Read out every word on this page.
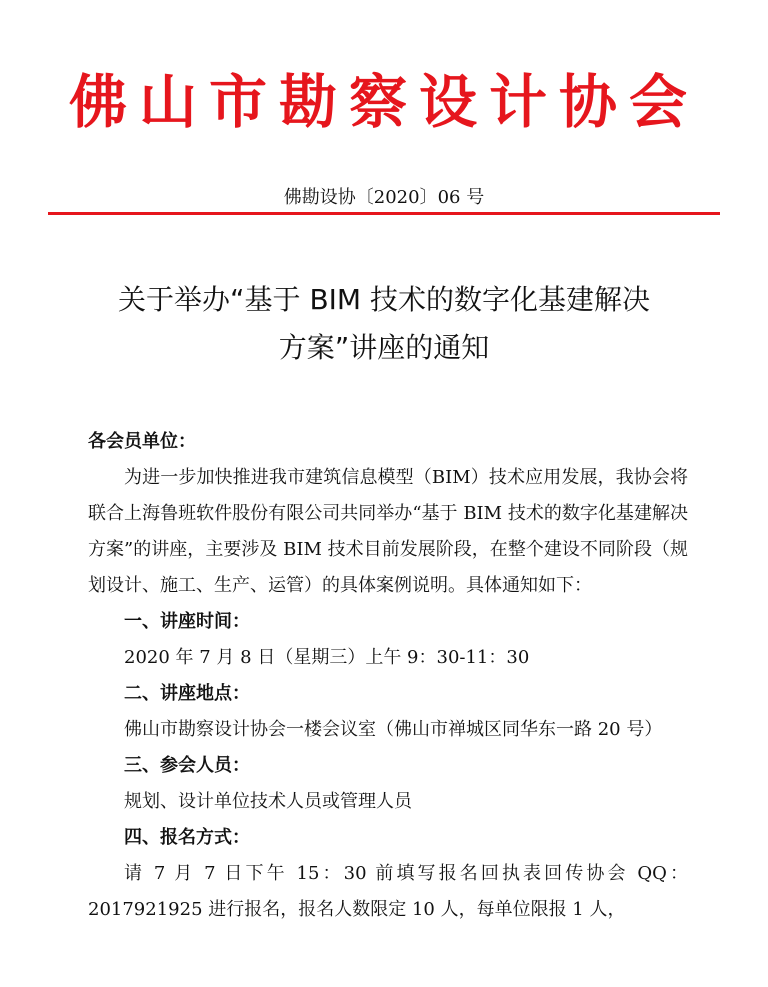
佛山市勘察设计协会
佛勘设协〔2020〕06 号
关于举办“基于 BIM 技术的数字化基建解决
方案”讲座的通知

各会员单位：

为进一步加快推进我市建筑信息模型（BIM）技术应用发展，我协会将联合上海鲁班软件股份有限公司共同举办“基于 BIM 技术的数字化基建解决方案”的讲座，主要涉及 BIM 技术目前发展阶段，在整个建设不同阶段（规划设计、施工、生产、运管）的具体案例说明。具体通知如下：

一、讲座时间：

2020 年 7 月 8 日（星期三）上午 9：30-11：30

二、讲座地点：

佛山市勘察设计协会一楼会议室（佛山市禅城区同华东一路 20 号）

三、参会人员：

规划、设计单位技术人员或管理人员

四、报名方式：

请 7 月 7 日下午 15：30 前填写报名回执表回传协会 QQ：2017921925 进行报名，报名人数限定 10 人，每单位限报 1 人，
